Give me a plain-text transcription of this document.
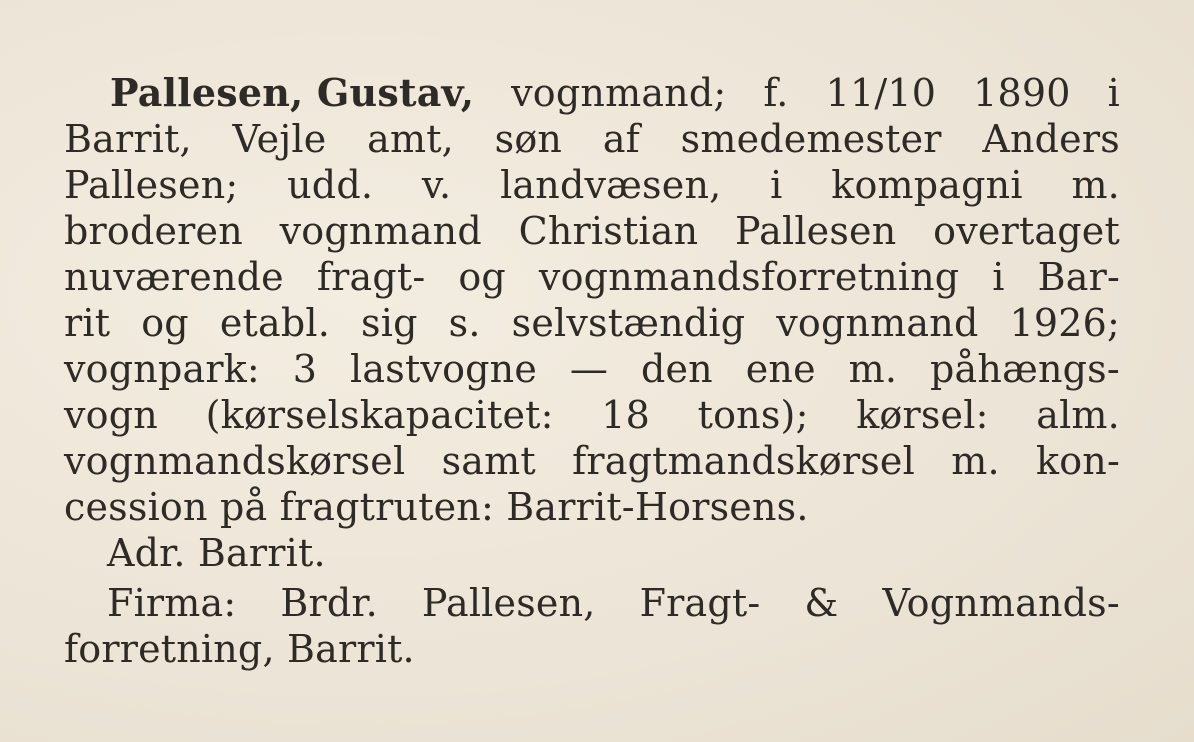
Pallesen, Gustav, vognmand; f. 11/10 1890 i
Barrit, Vejle amt, søn af smedemester Anders
Pallesen; udd. v. landvæsen, i kompagni m.
broderen vognmand Christian Pallesen overtaget
nuværende fragt- og vognmandsforretning i Bar-
rit og etabl. sig s. selvstændig vognmand 1926;
vognpark: 3 lastvogne — den ene m. påhængs-
vogn (kørselskapacitet: 18 tons); kørsel: alm.
vognmandskørsel samt fragtmandskørsel m. kon-
cession på fragtruten: Barrit-Horsens.
Adr. Barrit.
Firma: Brdr. Pallesen, Fragt- & Vognmands-
forretning, Barrit.
